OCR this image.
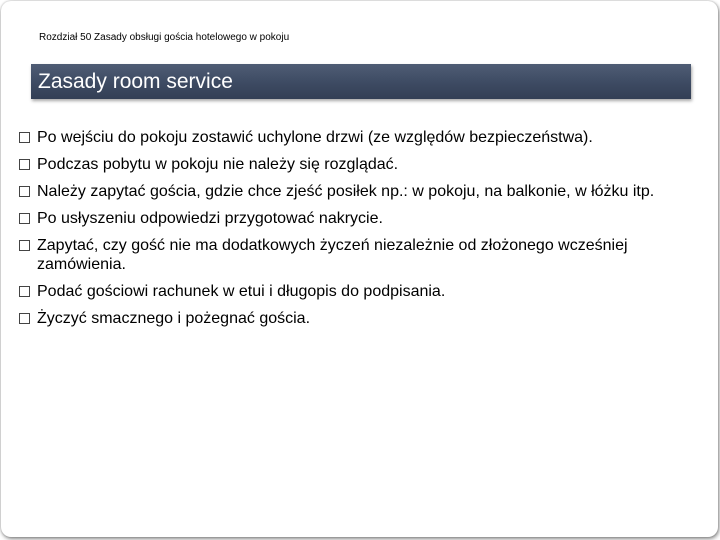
Rozdział 50 Zasady obsługi gościa hotelowego w pokoju
Zasady room service
Po wejściu do pokoju zostawić uchylone drzwi (ze względów bezpieczeństwa).
Podczas pobytu w pokoju nie należy się rozglądać.
Należy zapytać gościa, gdzie chce zjeść posiłek np.: w pokoju, na balkonie, w łóżku itp.
Po usłyszeniu odpowiedzi przygotować nakrycie.
Zapytać, czy gość nie ma dodatkowych życzeń niezależnie od złożonego wcześniej zamówienia.
Podać gościowi rachunek w etui i długopis do podpisania.
Życzyć smacznego i pożegnać gościa.
